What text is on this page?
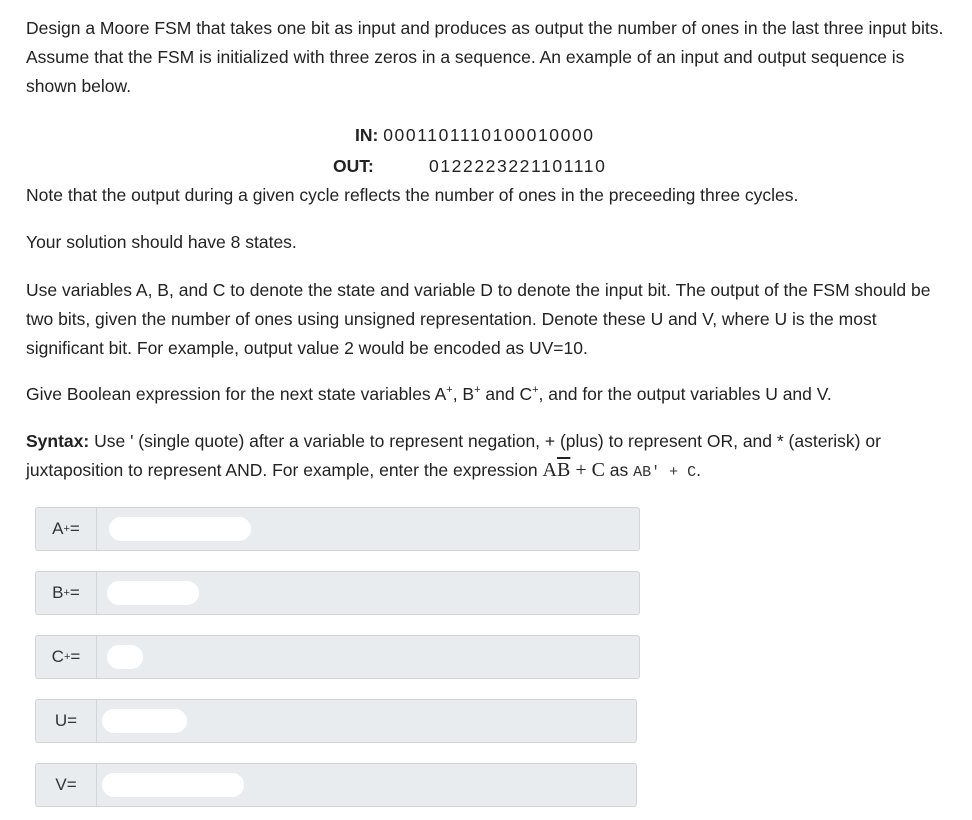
Design a Moore FSM that takes one bit as input and produces as output the number of ones in the last three input bits. Assume that the FSM is initialized with three zeros in a sequence. An example of an input and output sequence is shown below.

IN: 0001101110100010000
OUT:	0122223221101110

Note that the output during a given cycle reflects the number of ones in the preceeding three cycles.

Your solution should have 8 states.

Use variables A, B, and C to denote the state and variable D to denote the input bit. The output of the FSM should be two bits, given the number of ones using unsigned representation. Denote these U and V, where U is the most significant bit. For example, output value 2 would be encoded as UV=10.

Give Boolean expression for the next state variables A+, B+ and C+, and for the output variables U and V.

Syntax: Use ' (single quote) after a variable to represent negation, + (plus) to represent OR, and * (asterisk) or juxtaposition to represent AND. For example, enter the expression $A\overline{B} + C$ as AB' + C.

A + =
B + =
C + =
U =
V =
